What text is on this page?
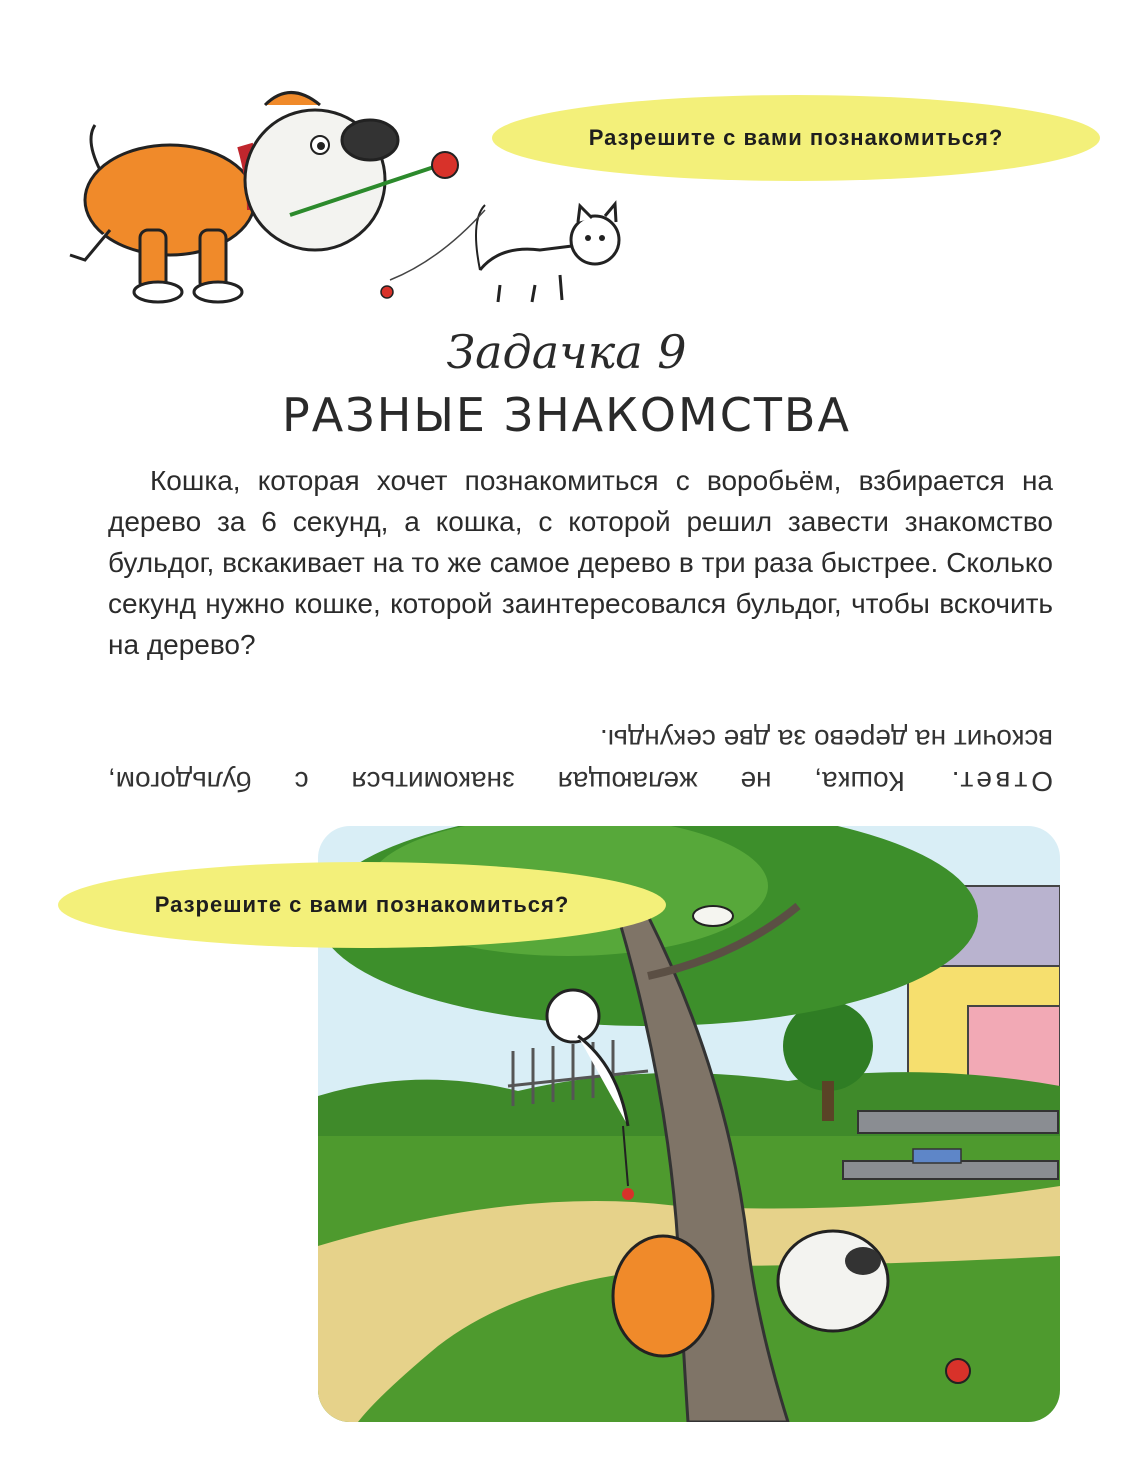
Разрешите с вами познакомиться?
Задачка 9
РАЗНЫЕ ЗНАКОМСТВА
Кошка, которая хочет познакомиться с воробьём, взбирается на дерево за 6 секунд, а кошка, с которой решил завести знакомство бульдог, вскакивает на то же самое дерево в три раза быстрее. Сколько секунд нужно кошке, которой заинтересовался бульдог, чтобы вскочить на дерево?
Ответ. Кошка, не желающая знакомиться с бульдогом,
вскочит на дерево за две секунды.
Разрешите с вами познакомиться?
